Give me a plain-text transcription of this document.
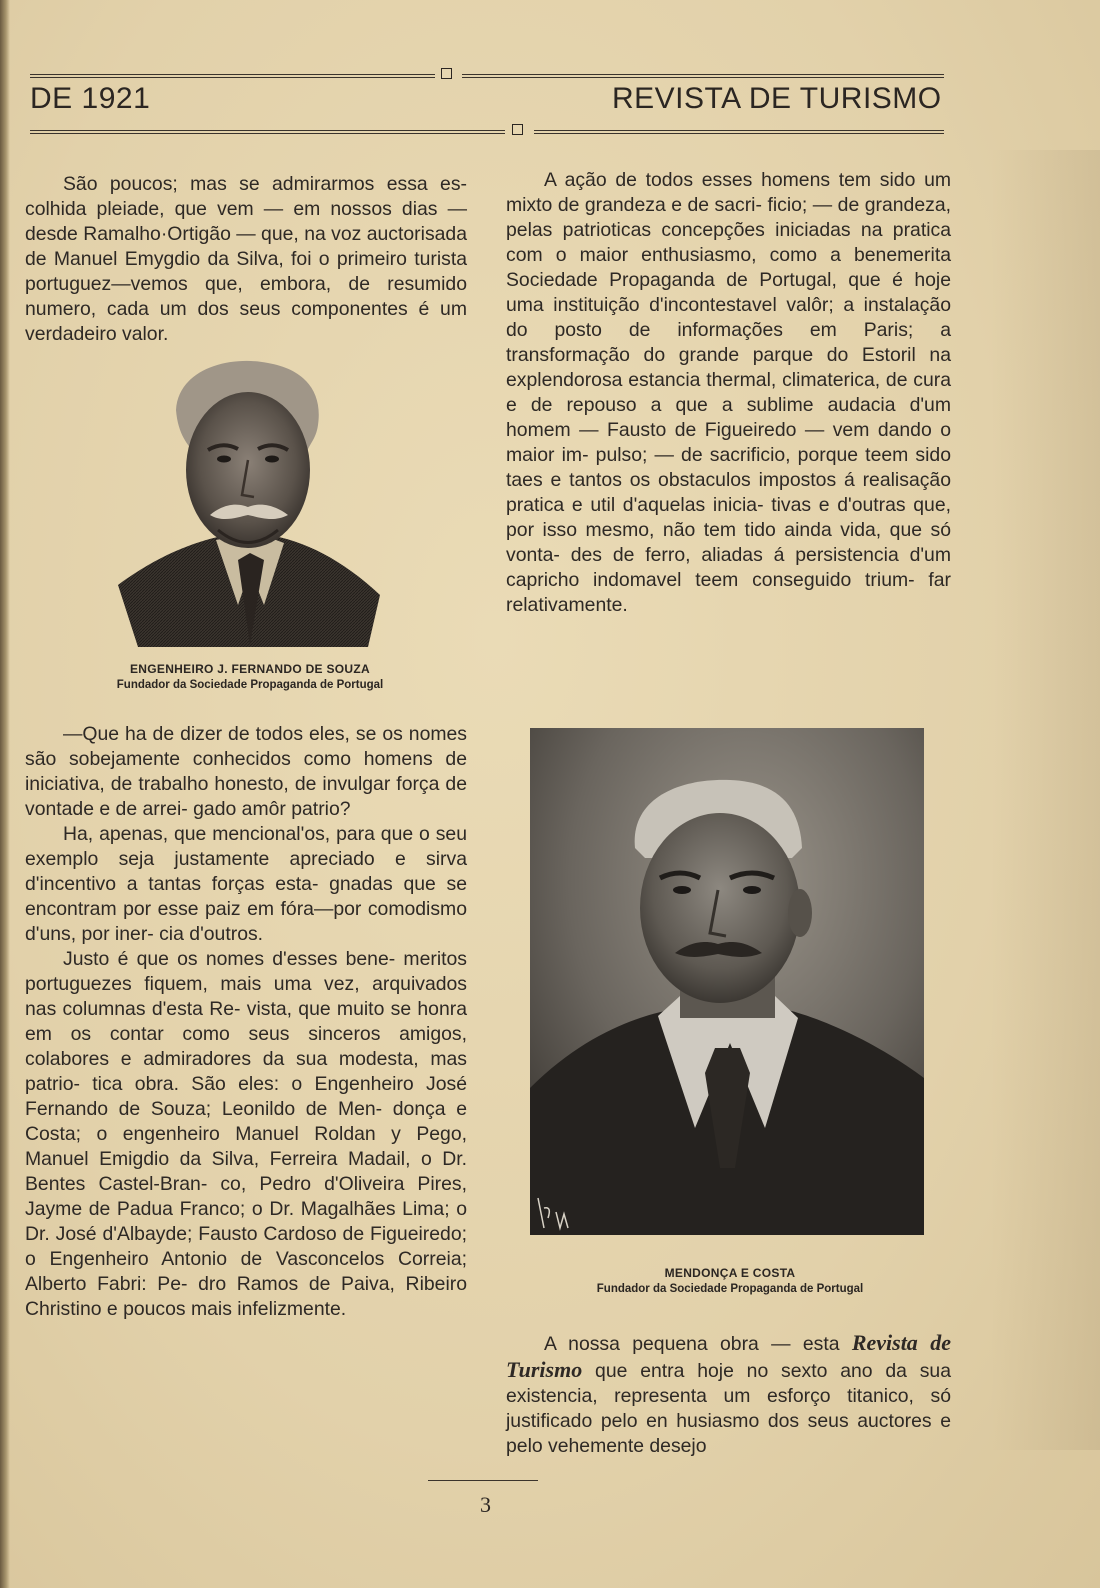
DE 1921	REVISTA DE TURISMO

São poucos; mas se admirarmos essa es- colhida pleiade, que vem — em nossos dias — desde Ramalho·Ortigão — que, na voz auctorisada de Manuel Emygdio da Silva, foi o primeiro turista portuguez—vemos que, embora, de resumido numero, cada um dos seus componentes é um verdadeiro valor.

ENGENHEIRO J. FERNANDO DE SOUZA
Fundador da Sociedade Propaganda de Portugal

—Que ha de dizer de todos eles, se os nomes são sobejamente conhecidos como homens de iniciativa, de trabalho honesto, de invulgar força de vontade e de arrei- gado amôr patrio?

Ha, apenas, que mencional'os, para que o seu exemplo seja justamente apreciado e sirva d'incentivo a tantas forças esta- gnadas que se encontram por esse paiz em fóra—por comodismo d'uns, por iner- cia d'outros.

Justo é que os nomes d'esses bene- meritos portuguezes fiquem, mais uma vez, arquivados nas columnas d'esta Re- vista, que muito se honra em os contar como seus sinceros amigos, colabores e admiradores da sua modesta, mas patrio- tica obra. São eles: o Engenheiro José Fernando de Souza; Leonildo de Men- donça e Costa; o engenheiro Manuel Roldan y Pego, Manuel Emigdio da Silva, Ferreira Madail, o Dr. Bentes Castel-Bran- co, Pedro d'Oliveira Pires, Jayme de Padua Franco; o Dr. Magalhães Lima; o Dr. José d'Albayde; Fausto Cardoso de Figueiredo; o Engenheiro Antonio de Vasconcelos Correia; Alberto Fabri: Pe- dro Ramos de Paiva, Ribeiro Christino e poucos mais infelizmente.

A ação de todos esses homens tem sido um mixto de grandeza e de sacri- ficio; — de grandeza, pelas patrioticas concepções iniciadas na pratica com o maior enthusiasmo, como a benemerita Sociedade Propaganda de Portugal, que é hoje uma instituição d'incontestavel valôr; a instalação do posto de informações em Paris; a transformação do grande parque do Estoril na explendorosa estancia thermal, climaterica, de cura e de repouso a que a sublime audacia d'um homem — Fausto de Figueiredo — vem dando o maior im- pulso; — de sacrificio, porque teem sido taes e tantos os obstaculos impostos á realisação pratica e util d'aquelas inicia- tivas e d'outras que, por isso mesmo, não tem tido ainda vida, que só vonta- des de ferro, aliadas á persistencia d'um capricho indomavel teem conseguido trium- far relativamente.

MENDONÇA E COSTA
Fundador da Sociedade Propaganda de Portugal

A nossa pequena obra — esta Revista de Turismo que entra hoje no sexto ano da sua existencia, representa um esforço titanico, só justificado pelo en husiasmo dos seus auctores e pelo vehemente desejo

3
